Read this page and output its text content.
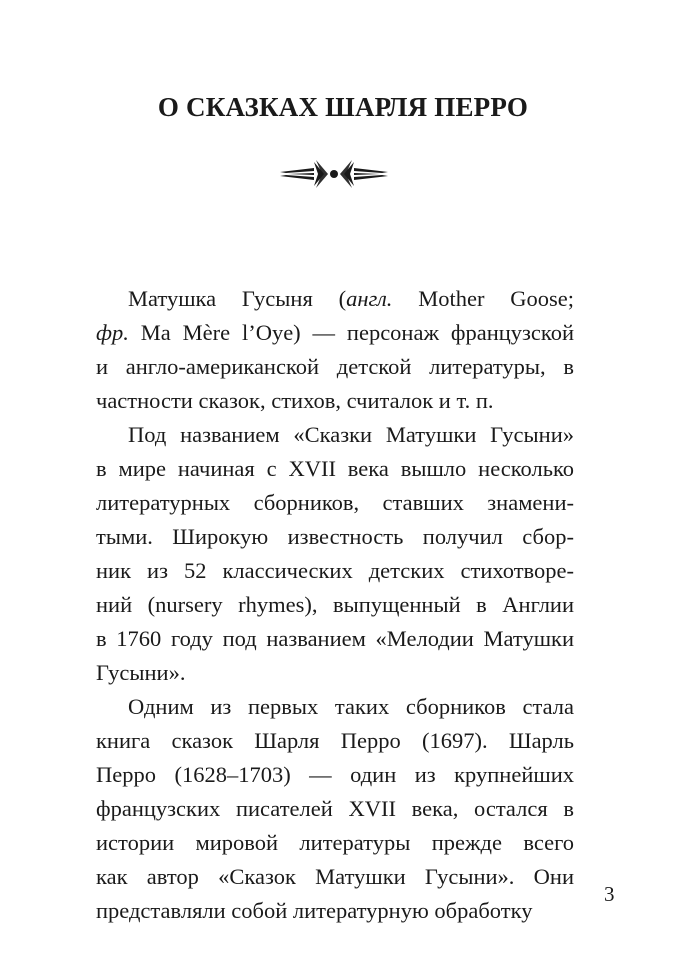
О СКАЗКАХ ШАРЛЯ ПЕРРО
Матушка Гусыня (англ. Mother Goose;
фр. Ma Mère l’Oye) — персонаж французской
и англо-американской детской литературы, в
частности сказок, стихов, считалок и т. п.
Под названием «Сказки Матушки Гусыни»
в мире начиная с XVII века вышло несколько
литературных сборников, ставших знамени-
тыми. Широкую известность получил сбор-
ник из 52 классических детских стихотворе-
ний (nursery rhymes), выпущенный в Англии
в 1760 году под названием «Мелодии Матушки
Гусыни».
Одним из первых таких сборников стала
книга сказок Шарля Перро (1697). Шарль
Перро (1628–1703) — один из крупнейших
французских писателей XVII века, остался в
истории мировой литературы прежде всего
как автор «Сказок Матушки Гусыни». Они
представляли собой литературную обработку
3
